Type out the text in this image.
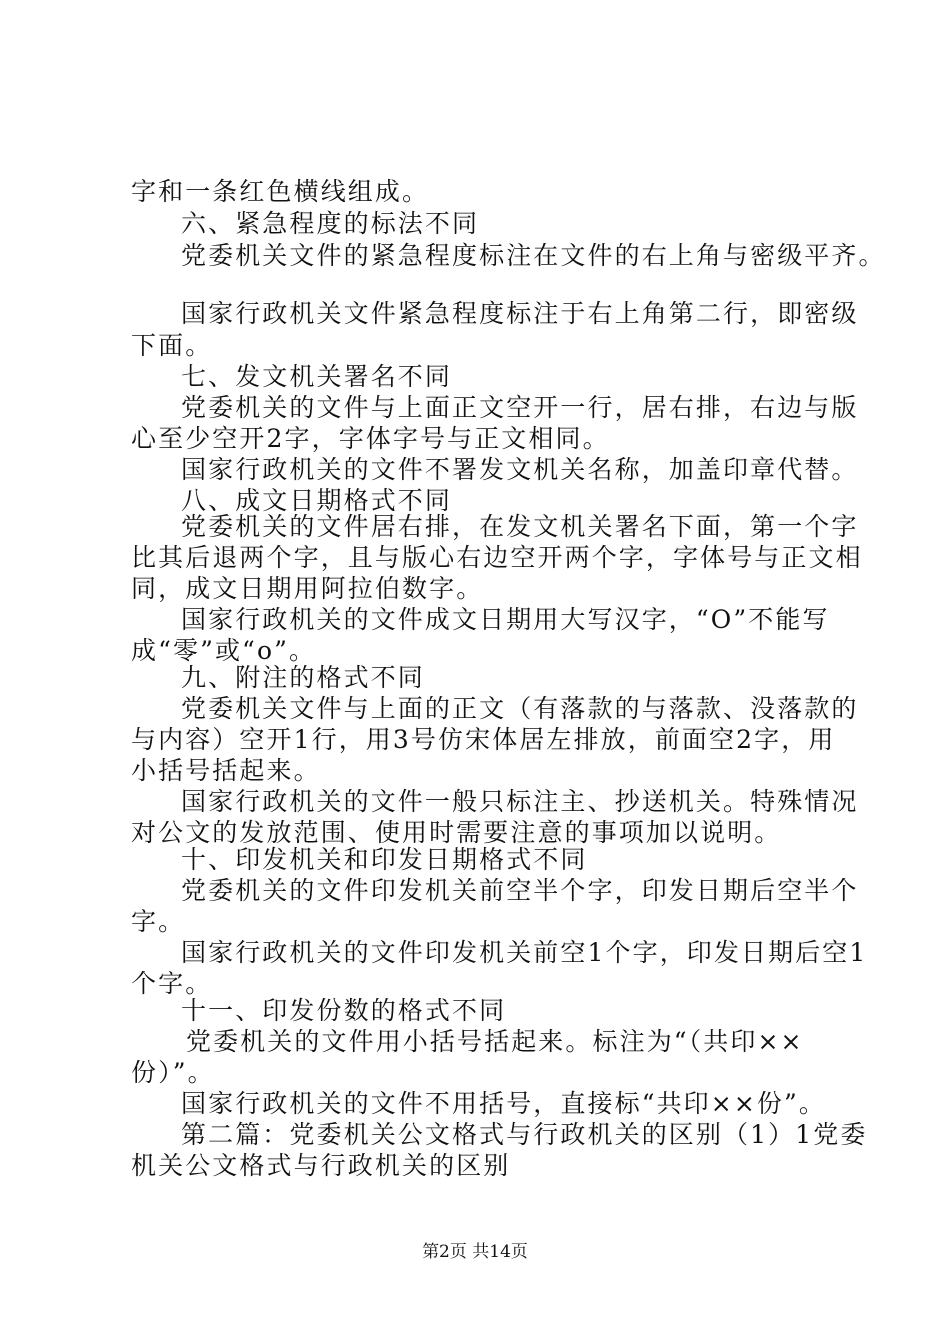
字和一条红色横线组成。
六、紧急程度的标法不同
党委机关文件的紧急程度标注在文件的右上角与密级平齐。
国家行政机关文件紧急程度标注于右上角第二行，即密级
下面。
七、发文机关署名不同
党委机关的文件与上面正文空开一行，居右排，右边与版
心至少空开2字，字体字号与正文相同。
国家行政机关的文件不署发文机关名称，加盖印章代替。
八、成文日期格式不同
党委机关的文件居右排，在发文机关署名下面，第一个字
比其后退两个字，且与版心右边空开两个字，字体号与正文相
同，成文日期用阿拉伯数字。
国家行政机关的文件成文日期用大写汉字，“O”不能写
成“零”或“o”。
九、附注的格式不同
党委机关文件与上面的正文（有落款的与落款、没落款的
与内容）空开1行，用3号仿宋体居左排放，前面空2字，用
小括号括起来。
国家行政机关的文件一般只标注主、抄送机关。特殊情况
对公文的发放范围、使用时需要注意的事项加以说明。
十、印发机关和印发日期格式不同
党委机关的文件印发机关前空半个字，印发日期后空半个
字。
国家行政机关的文件印发机关前空1个字，印发日期后空1
个字。
十一、印发份数的格式不同
党委机关的文件用小括号括起来。标注为“（共印××
份）”。
国家行政机关的文件不用括号，直接标“共印××份”。
第二篇：党委机关公文格式与行政机关的区别（1）1党委
机关公文格式与行政机关的区别
第2页 共14页
